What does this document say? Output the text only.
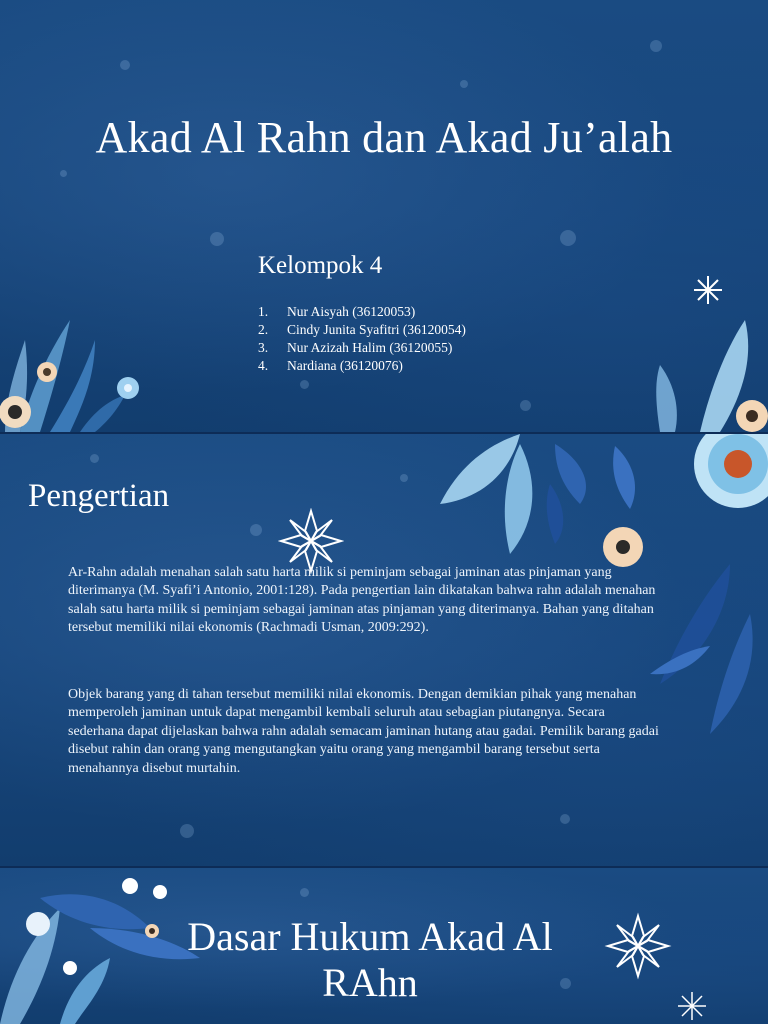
Akad Al Rahn dan Akad Ju’alah
Kelompok 4
1.	Nur Aisyah (36120053)
2.	Cindy Junita Syafitri (36120054)
3.	Nur Azizah Halim (36120055)
4.	Nardiana (36120076)
Pengertian

Ar-Rahn adalah menahan salah satu harta milik si peminjam sebagai jaminan atas pinjaman yang diterimanya (M. Syafi’i Antonio, 2001:128). Pada pengertian lain dikatakan bahwa rahn adalah menahan salah satu harta milik si peminjam sebagai jaminan atas pinjaman yang diterimanya. Bahan yang ditahan tersebut memiliki nilai ekonomis (Rachmadi Usman, 2009:292).

Objek barang yang di tahan tersebut memiliki nilai ekonomis. Dengan demikian pihak yang menahan memperoleh jaminan untuk dapat mengambil kembali seluruh atau sebagian piutangnya. Secara sederhana dapat dijelaskan bahwa rahn adalah semacam jaminan hutang atau gadai. Pemilik barang gadai disebut rahin dan orang yang mengutangkan yaitu orang yang mengambil barang tersebut serta menahannya disebut murtahin.

Dasar Hukum Akad Al RAhn
